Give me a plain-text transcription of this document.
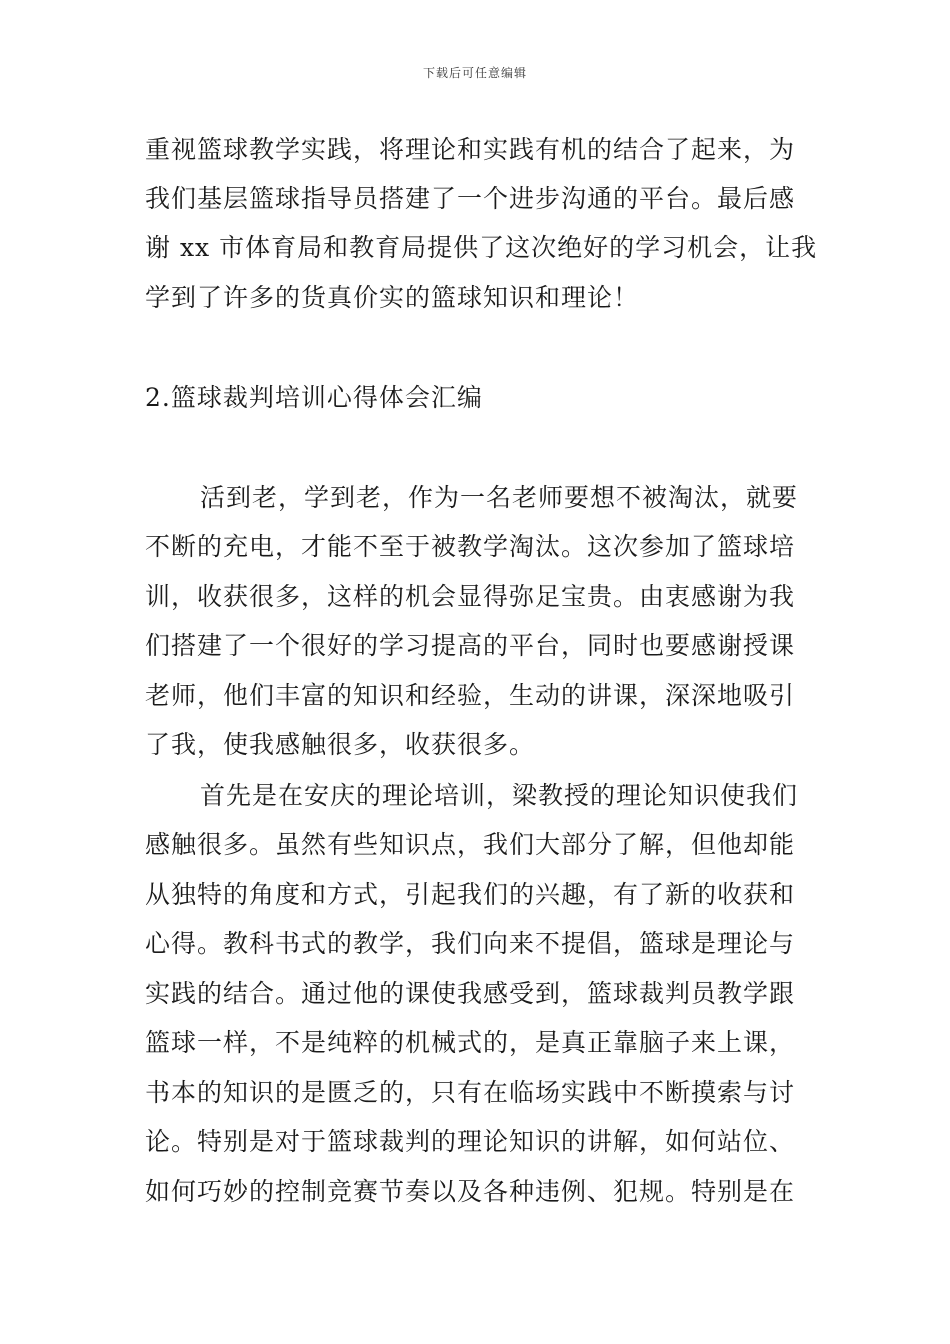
下载后可任意编辑
重视篮球教学实践，将理论和实践有机的结合了起来，为
我们基层篮球指导员搭建了一个进步沟通的平台。最后感
谢 xx 市体育局和教育局提供了这次绝好的学习机会，让我
学到了许多的货真价实的篮球知识和理论！
2.篮球裁判培训心得体会汇编
活到老，学到老，作为一名老师要想不被淘汰，就要
不断的充电，才能不至于被教学淘汰。这次参加了篮球培
训，收获很多，这样的机会显得弥足宝贵。由衷感谢为我
们搭建了一个很好的学习提高的平台，同时也要感谢授课
老师，他们丰富的知识和经验，生动的讲课，深深地吸引
了我，使我感触很多，收获很多。
首先是在安庆的理论培训，梁教授的理论知识使我们
感触很多。虽然有些知识点，我们大部分了解，但他却能
从独特的角度和方式，引起我们的兴趣，有了新的收获和
心得。教科书式的教学，我们向来不提倡，篮球是理论与
实践的结合。通过他的课使我感受到，篮球裁判员教学跟
篮球一样，不是纯粹的机械式的，是真正靠脑子来上课，
书本的知识的是匮乏的，只有在临场实践中不断摸索与讨
论。特别是对于篮球裁判的理论知识的讲解，如何站位、
如何巧妙的控制竞赛节奏以及各种违例、犯规。特别是在
